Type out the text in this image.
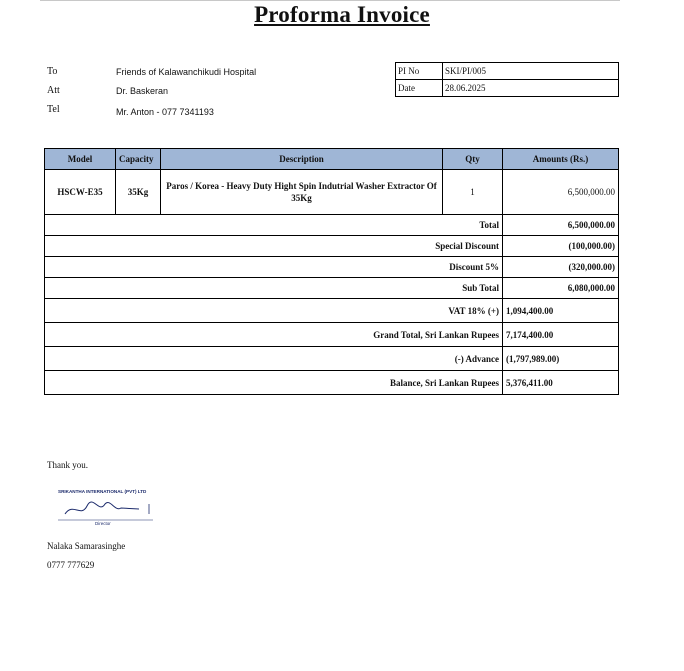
Proforma Invoice
To	Friends of Kalawanchikudi Hospital
Att	Dr. Baskeran
Tel	Mr. Anton - 077 7341193
PI No	SKI/PI/005
Date	28.06.2025
Model	Capacity	Description	Qty	Amounts (Rs.)
HSCW-E35	35Kg	Paros / Korea - Heavy Duty Hight Spin Indutrial Washer Extractor Of 35Kg	1	6,500,000.00
Total				6,500,000.00
Special Discount				(100,000.00)
Discount 5%				(320,000.00)
Sub Total				6,080,000.00
VAT 18% (+)				1,094,400.00
Grand Total, Sri Lankan Rupees				7,174,400.00
(-) Advance				(1,797,989.00)
Balance, Sri Lankan Rupees				5,376,411.00
Thank you.
SRIKANTHA INTERNATIONAL (PVT) LTD
Director
Nalaka Samarasinghe
0777 777629
